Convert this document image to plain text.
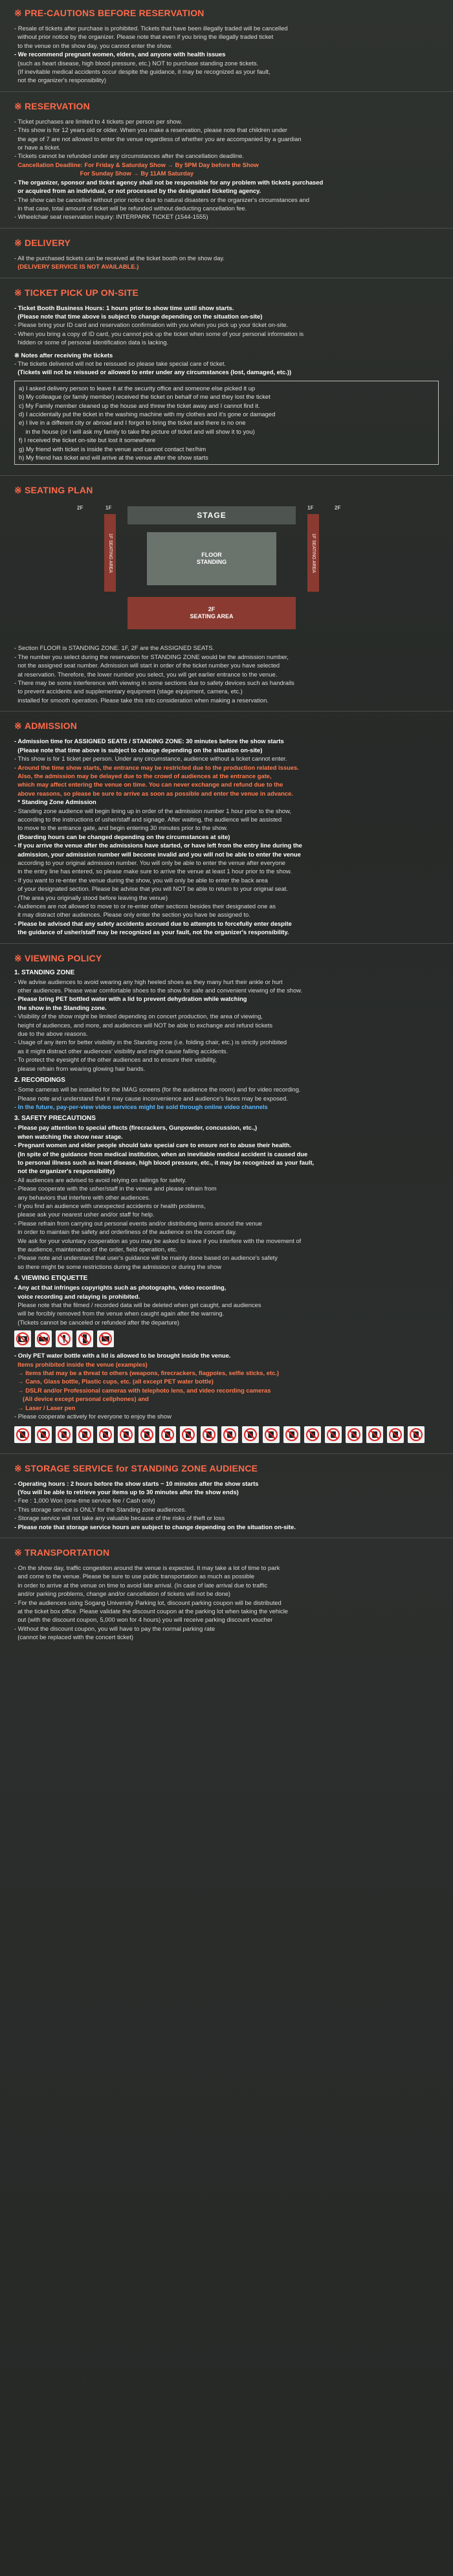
※ PRE-CAUTIONS BEFORE RESERVATION

- Resale of tickets after purchase is prohibited. Tickets that have been illegally traded will be cancelled

without prior notice by the organizer. Please note that even if you bring the illegally traded ticket

to the venue on the show day, you cannot enter the show.

- We recommend pregnant women, elders, and anyone with health issues

(such as heart disease, high blood pressure, etc.) NOT to purchase standing zone tickets.

(If inevitable medical accidents occur despite the guidance, it may be recognized as your fault,

not the organizer's responsibility)

※ RESERVATION

- Ticket purchases are limited to 4 tickets per person per show.

- This show is for 12 years old or older. When you make a reservation, please note that children under

the age of 7 are not allowed to enter the venue regardless of whether you are accompanied by a guardian

or have a ticket.

- Tickets cannot be refunded under any circumstances after the cancellation deadline.

Cancellation Deadline: For Friday & Saturday Show → By 5PM Day before the Show

For Sunday Show → By 11AM Saturday

- The organizer, sponsor and ticket agency shall not be responsible for any problem with tickets purchased

or acquired from an individual, or not processed by the designated ticketing agency.

- The show can be cancelled without prior notice due to natural disasters or the organizer's circumstances and

in that case, total amount of ticket will be refunded without deducting cancellation fee.

- Wheelchair seat reservation inquiry: INTERPARK TICKET (1544-1555)

※ DELIVERY

- All the purchased tickets can be received at the ticket booth on the show day.

(DELIVERY SERVICE IS NOT AVAILABLE.)

※ TICKET PICK UP ON-SITE

- Ticket Booth Business Hours: 1 hours prior to show time until show starts.

(Please note that time above is subject to change depending on the situation on-site)

- Please bring your ID card and reservation confirmation with you when you pick up your ticket on-site.

- When you bring a copy of ID card, you cannot pick up the ticket when some of your personal information is

hidden or some of personal identification data is lacking.

※ Notes after receiving the tickets

- The tickets delivered will not be reissued so please take special care of ticket.

(Tickets will not be reissued or allowed to enter under any circumstances (lost, damaged, etc.))

a) I asked delivery person to leave it at the security office and someone else picked it up

b) My colleague (or family member) received the ticket on behalf of me and they lost the ticket

c) My Family member cleaned up the house and threw the ticket away and I cannot find it.

d) I accidentally put the ticket in the washing machine with my clothes and it's gone or damaged

e) I live in a different city or abroad and I forgot to bring the ticket and there is no one

in the house (or I will ask my family to take the picture of ticket and will show it to you)

f) I received the ticket on-site but lost it somewhere

g) My friend with ticket is inside the venue and cannot contact her/him

h) My friend has ticket and will arrive at the venue after the show starts

※ SEATING PLAN
2F	1F	1F	2F
STAGE
1F SEATING AREA	1F SEATING AREA
FLOOR
STANDING
2F
SEATING AREA

- Section FLOOR is STANDING ZONE. 1F, 2F are the ASSIGNED SEATS.

- The number you select during the reservation for STANDING ZONE would be the admission number,

not the assigned seat number. Admission will start in order of the ticket number you have selected

at reservation. Therefore, the lower number you select, you will get earlier entrance to the venue.

- There may be some interference with viewing in some sections due to safety devices such as handrails

to prevent accidents and supplementary equipment (stage equipment, camera, etc.)

installed for smooth operation. Please take this into consideration when making a reservation.

※ ADMISSION

- Admission time for ASSIGNED SEATS / STANDING ZONE: 30 minutes before the show starts

(Please note that time above is subject to change depending on the situation on-site)

- This show is for 1 ticket per person. Under any circumstance, audience without a ticket cannot enter.

- Around the time show starts, the entrance may be restricted due to the production related issues.

Also, the admission may be delayed due to the crowd of audiences at the entrance gate,

which may affect entering the venue on time. You can never exchange and refund due to the

above reasons, so please be sure to arrive as soon as possible and enter the venue in advance.

* Standing Zone Admission

- Standing zone audience will begin lining up in order of the admission number 1 hour prior to the show,

according to the instructions of usher/staff and signage. After waiting, the audience will be assisted

to move to the entrance gate, and begin entering 30 minutes prior to the show.

(Boarding hours can be changed depending on the circumstances at site)

- If you arrive the venue after the admissions have started, or have left from the entry line during the

admission, your admission number will become invalid and you will not be able to enter the venue

according to your original admission number. You will only be able to enter the venue after everyone

in the entry line has entered, so please make sure to arrive the venue at least 1 hour prior to the show.

- If you want to re-enter the venue during the show, you will only be able to enter the back area

of your designated section. Please be advise that you will NOT be able to return to your original seat.

(The area you originally stood before leaving the venue)

- Audiences are not allowed to move to or re-enter other sections besides their designated one as

it may distract other audiences. Please only enter the section you have be assigned to.

- Please be advised that any safety accidents accrued due to attempts to forcefully enter despite

the guidance of usher/staff may be recognized as your fault, not the organizer's responsibility.

※ VIEWING POLICY

1. STANDING ZONE

- We advise audiences to avoid wearing any high heeled shoes as they many hurt their ankle or hurt

other audiences. Please wear comfortable shoes to the show for safe and convenient viewing of the show.

- Please bring PET bottled water with a lid to prevent dehydration while watching

the show in the Standing zone.

- Visibility of the show might be limited depending on concert production, the area of viewing,

height of audiences, and more, and audiences will NOT be able to exchange and refund tickets

due to the above reasons.

- Usage of any item for better visibility in the Standing zone (i.e. folding chair, etc.) is strictly prohibited

as it might distract other audiences' visibility and might cause falling accidents.

- To protect the eyesight of the other audiences and to ensure their visibility,

please refrain from wearing glowing hair bands.

2. RECORDINGS

- Some cameras will be installed for the IMAG screens (for the audience the room) and for video recording.

Please note and understand that it may cause inconvenience and audience's faces may be exposed.

- In the future, pay-per-view video services might be sold through online video channels

3. SAFETY PRECAUTIONS

- Please pay attention to special effects (firecrackers, Gunpowder, concussion, etc.,)

when watching the show near stage.

- Pregnant women and elder people should take special care to ensure not to abuse their health.

(In spite of the guidance from medical institution, when an inevitable medical accident is caused due

to personal illness such as heart disease, high blood pressure, etc., it may be recognized as your fault,

not the organizer's responsibility)

- All audiences are advised to avoid relying on railings for safety.

- Please cooperate with the usher/staff in the venue and please refrain from

any behaviors that interfere with other audiences.

- If you find an audience with unexpected accidents or health problems,

please ask your nearest usher and/or staff for help.

- Please refrain from carrying out personal events and/or distributing items around the venue

in order to maintain the safety and orderliness of the audience on the concert day.

We ask for your voluntary cooperation as you may be asked to leave if you interfere with the movement of

the audience, maintenance of the order, field operation, etc.

- Please note and understand that user's guidance will be mainly done based on audience's safety

so there might be some restrictions during the admission or during the show

4. VIEWING ETIQUETTE

- Any act that infringes copyrights such as photographs, video recording,

voice recording and relaying is prohibited.

Please note that the filmed / recorded data will be deleted when get caught, and audiences

will be forcibly removed from the venue when caught again after the warning.

(Tickets cannot be canceled or refunded after the departure)

- Only PET water bottle with a lid is allowed to be brought inside the venue.

Items prohibited inside the venue (examples)

→ Items that may be a threat to others (weapons, firecrackers, flagpoles, selfie sticks, etc.)

→ Cans, Glass bottle, Plastic cups, etc. (all except PET water bottle)

→ DSLR and/or Professional cameras with telephoto lens, and video recording cameras

(All device except personal cellphones) and

→ Laser / Laser pen

- Please cooperate actively for everyone to enjoy the show

※ STORAGE SERVICE for STANDING ZONE AUDIENCE

- Operating hours : 2 hours before the show starts ~ 10 minutes after the show starts

(You will be able to retrieve your items up to 30 minutes after the show ends)

- Fee : 1,000 Won (one-time service fee / Cash only)

- This storage service is ONLY for the Standing zone audiences.

- Storage service will not take any valuable because of the risks of theft or loss

- Please note that storage service hours are subject to change depending on the situation on-site.

※ TRANSPORTATION

- On the show day, traffic congestion around the venue is expected. It may take a lot of time to park

and come to the venue. Please be sure to use public transportation as much as possible

in order to arrive at the venue on time to avoid late arrival. (In case of late arrival due to traffic

and/or parking problems, change and/or cancellation of tickets will not be done)

- For the audiences using Sogang University Parking lot, discount parking coupon will be distributed

at the ticket box office. Please validate the discount coupon at the parking lot when taking the vehicle

out (with the discount coupon, 5,000 won for 4 hours) you will receive parking discount voucher

- Without the discount coupon, you will have to pay the normal parking rate

(cannot be replaced with the concert ticket)
